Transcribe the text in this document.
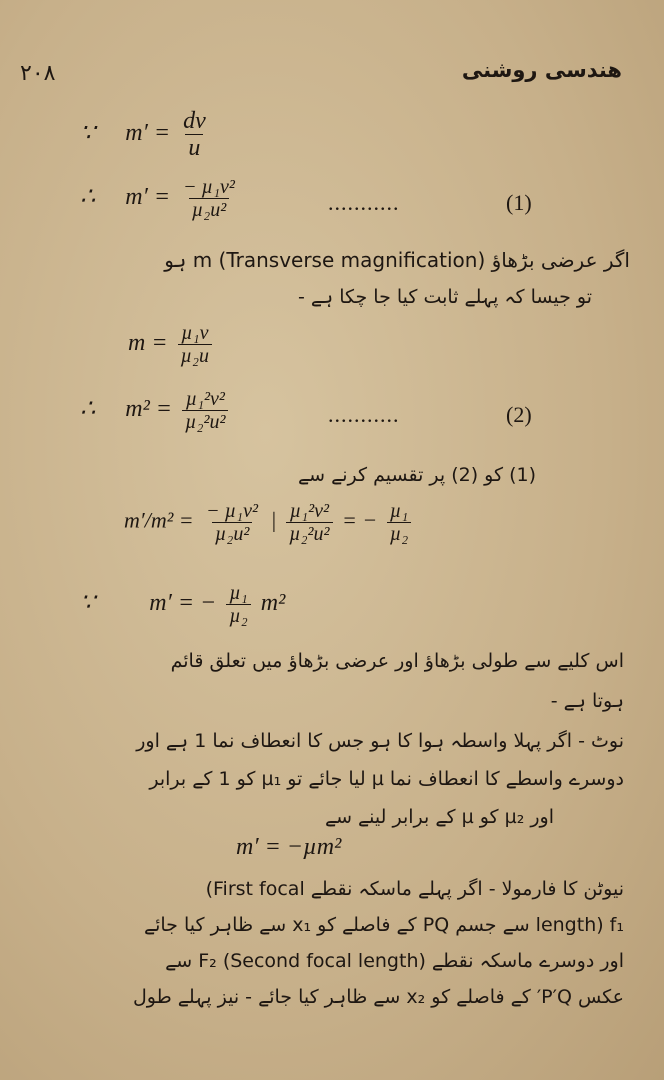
۲۰۸	ھندسی روشنی
∵ $m' = \frac{dv}{u}$
∴ $m' = \frac{\text{− µ₁v²}}{\text{µ₂u²}}$	...........	(1)
اگر عرضی بڑھاؤ m (Transverse magnification) ہو
تو جیسا کہ پہلے ثابت کیا جا چکا ہے -
$m = \frac{\text{µ₁v}}{\text{µ₂u}}$
∴ $m^2 = \frac{\text{µ₁²v²}}{\text{µ₂²u²}}$	...........	(2)
(1) کو (2) پر تقسیم کرنے سے
$m'/m^2 = \frac{\text{− µ₁v²}}{\text{µ₂u²}}$ | $\frac{\text{µ₁²v²}}{\text{µ₂²u²}}$ = − $\frac{\text{µ₁}}{\text{µ₂}}$
∵ m′ = − $\frac{\text{µ₁}}{\text{µ₂}} m^2$
اس کلیے سے طولی بڑھاؤ اور عرضی بڑھاؤ میں تعلق قائم
ہوتا ہے -
نوٹ - اگر پہلا واسطہ ہوا کا ہو جس کا انعطاف نما 1 ہے اور
دوسرے واسطے کا انعطاف نما µ لیا جائے تو µ₁ کو 1 کے برابر
اور µ₂ کو µ کے برابر لینے سے
m′ = −µm²
نیوٹن کا فارمولا - اگر پہلے ماسکہ نقطے First focal)
length) f₁ سے جسم PQ کے فاصلے کو x₁ سے ظاہر کیا جائے
اور دوسرے ماسکہ نقطے (Second focal length) F₂ سے
عکس P′Q′ کے فاصلے کو x₂ سے ظاہر کیا جائے - نیز پہلے طول
